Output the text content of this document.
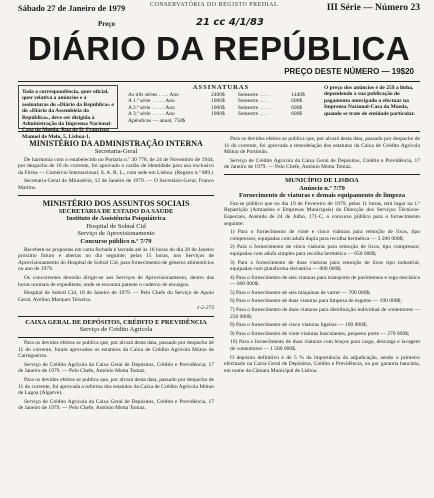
Sábado 27 de Janeiro de 1979	III Série — Número 23
CONSERVATÓRIA DO REGISTO PREDIAL
Preço	21 cc 4/1/83
DIÁRIO DA REPÚBLICA
PREÇO DESTE NÚMERO — 19$20
Toda a correspondência, quer oficial, quer relativa a anúncios e a assinaturas do «Diário da República» e do «Diário da Assembleia da República», deve ser dirigida à Administração da Imprensa Nacional-Casa da Moeda, Rua de D. Francisco Manuel de Melo, 5, Lisboa-1.
ASSINATURAS
As três séries . . . . Ano	2400$	Semestre . . . .	1440$
A 1.ª série . . . . . Ano	1000$	Semestre . . . .	600$
A 2.ª série . . . . . Ano	1000$	Semestre . . . .	600$
A 3.ª série . . . . . Ano	1000$	Semestre . . . .	600$
Apêndices — anual, 750$			
O preço dos anúncios é de 25$ a linha, dependendo a sua publicação do pagamento antecipado a efectuar na Imprensa Nacional-Casa da Moeda, quando se trate de entidade particular.
MINISTÉRIO DA ADMINISTRAÇÃO INTERNA
Secretaria-Geral

De harmonia com o estabelecido no Portaria n.º 30 778, de 24 de Novembro de 1944, por despacho de 10 do corrente, foi aprovado o cartão de identidade para uso exclusivo da Firma — Comércio Internacional, S. A. R. L., com sede em Lisboa. (Registo n.º 889.)

Secretaria-Geral do Ministério, 12 de Janeiro de 1979. — O Secretário-Geral, Franco Martins.

MINISTÉRIO DOS ASSUNTOS SOCIAIS
SECRETARIA DE ESTADO DA SAÚDE
Instituto de Assistência Psiquiátrica
Hospital de Sobral Cid
Serviço de Aprovisionamento
Concurso público n.º 7/79

Recebem-se propostas em carta fechada e lacrada até às 16 horas do dia 28 de Janeiro próximo futuro e abertas no dia seguinte, pelas 15 horas, nos Serviços de Aprovisionamento do Hospital de Sobral Cid, para fornecimento de géneros alimentícios no ano de 1979.

Os concorrentes deverão dirigir-se aos Serviços de Aprovisionamento, dentro das horas normais de expediente, onde se encontra patente o caderno de encargos.

Hospital de Sobral Cid, 18 de Janeiro de 1979. — Pelo Chefe do Serviço de Apoio Geral, Avelino Marques Teixeira.

1-2-273
CAIXA GERAL DE DEPÓSITOS, CRÉDITO E PREVIDÊNCIA
Serviço de Crédito Agrícola

Para os devidos efeitos se publica que, por alvará desta data, passado por despacho de 11 do corrente, foram aprovados os estatutos da Caixa de Crédito Agrícola Mútuo de Carregueiros.

Serviço de Crédito Agrícola da Caixa Geral de Depósitos, Crédito e Previdência, 17 de Janeiro de 1979. — Pelo Chefe, António Motta Tomaz.

Para os devidos efeitos se publica que, por alvará desta data, passado por despacho de 11 do corrente, foi aprovada a reforma dos estatutos da Caixa de Crédito Agrícola Mútuo de Lagoa (Algarve).

Serviço de Crédito Agrícola da Caixa Geral de Depósitos, Crédito e Previdência, 17 de Janeiro de 1979. — Pelo Chefe, António Motta Tomaz.

Para os devidos efeitos se publica que, por alvará desta data, passado por despacho de 11 do corrente, foi aprovada a remodelação dos estatutos da Caixa de Crédito Agrícola Mútuo de Portimão.

Serviço de Crédito Agrícola da Caixa Geral de Depósitos, Crédito e Previdência, 17 de Janeiro de 1979. — Pelo Chefe, António Motta Tomaz.

MUNICÍPIO DE LISBOA
Anúncio n.º 7/79
Fornecimento de viaturas e demais equipamento de limpeza

Faz-se público que no dia 19 de Fevereiro de 1979, pelas 11 horas, terá lugar na 1.ª Repartição (Armazéns e Empresas Municipais) da Direcção dos Serviços Técnicos-Especiais, Avenida de 24 de Julho, 171-C, o concurso público para o fornecimento seguinte:

1) Para o fornecimento de vinte e cinco viaturas para remoção de lixos, tipo compressor, equipadas com adufa dupla para recolha hermética — 3 200 000$;

2) Para o fornecimento de cinco viaturas para remoção de lixos, tipo compressor, equipadas com adufa simples para recolha hermética — 650 000$;

3) Para o fornecimento de duas viaturas para remoção de lixos tipo industrial, equipadas com plataforma elevatória — 800 000$;

4) Para o fornecimento de seis viaturas para transporte de pavimentos e rega mecânica — 600 000$;

5) Para o fornecimento de seis máquinas de varrer — 700 000$;

6) Para o fornecimento de duas viaturas para limpeza de esgotos — 190 000$;

7) Para o fornecimento de duas viaturas para distribuição individual de contentores — 250 000$;

8) Para o fornecimento de cinco viaturas ligeiras — 100 000$;

9) Para o fornecimento de vinte viaturas basculantes, pequeno porte — 270 000$;

10) Para o fornecimento de duas viaturas com braços para carga, descarga e lavagem de contentores — 1 500 000$.

O depósito definitivo é de 5 % da importância da adjudicação, sendo o primeiro efectuado na Caixa Geral de Depósitos, Crédito e Previdência, ou por garantia bancária, em nome da Câmara Municipal de Lisboa.
